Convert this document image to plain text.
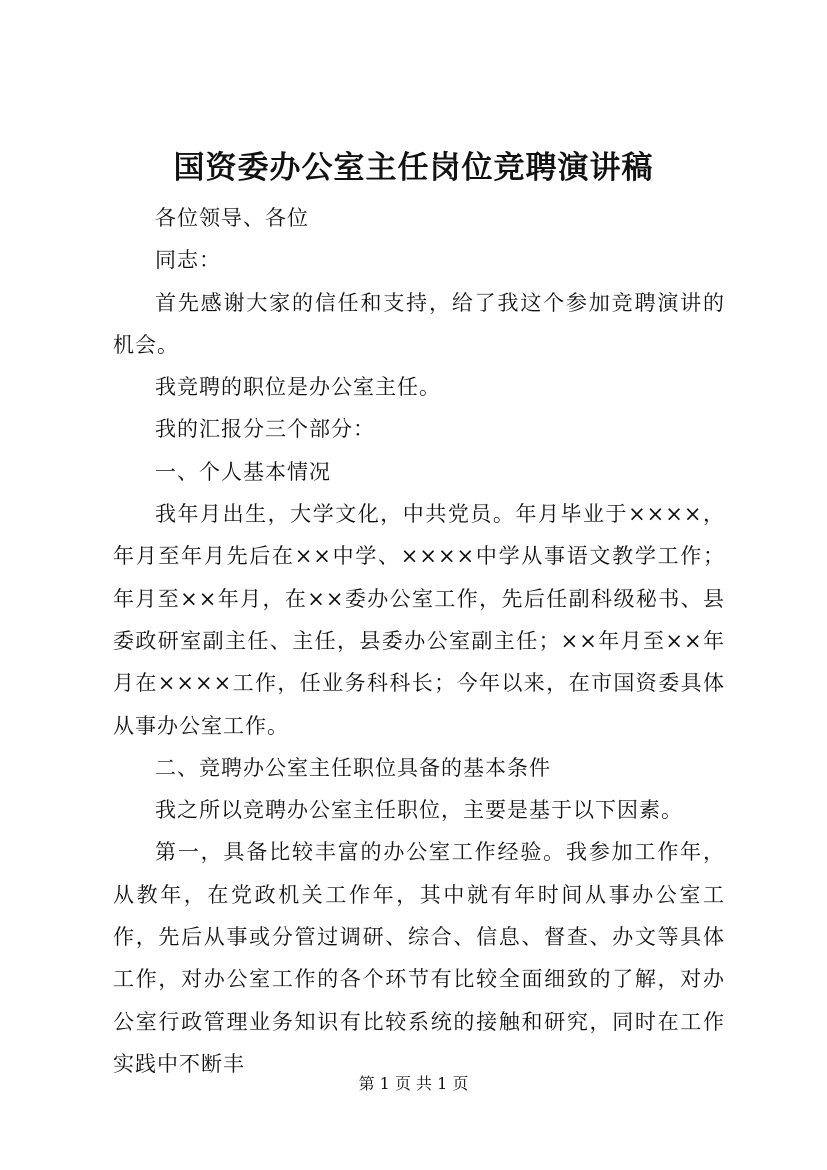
国资委办公室主任岗位竞聘演讲稿

各位领导、各位

同志：

首先感谢大家的信任和支持，给了我这个参加竞聘演讲的机会。

我竞聘的职位是办公室主任。

我的汇报分三个部分：

一、个人基本情况

我年月出生，大学文化，中共党员。年月毕业于××××，年月至年月先后在××中学、××××中学从事语文教学工作；年月至××年月，在××委办公室工作，先后任副科级秘书、县委政研室副主任、主任，县委办公室副主任；××年月至××年月在××××工作，任业务科科长；今年以来，在市国资委具体从事办公室工作。

二、竞聘办公室主任职位具备的基本条件

我之所以竞聘办公室主任职位，主要是基于以下因素。

第一，具备比较丰富的办公室工作经验。我参加工作年，从教年，在党政机关工作年，其中就有年时间从事办公室工作，先后从事或分管过调研、综合、信息、督查、办文等具体工作，对办公室工作的各个环节有比较全面细致的了解，对办公室行政管理业务知识有比较系统的接触和研究，同时在工作实践中不断丰

第 1 页 共 1 页
